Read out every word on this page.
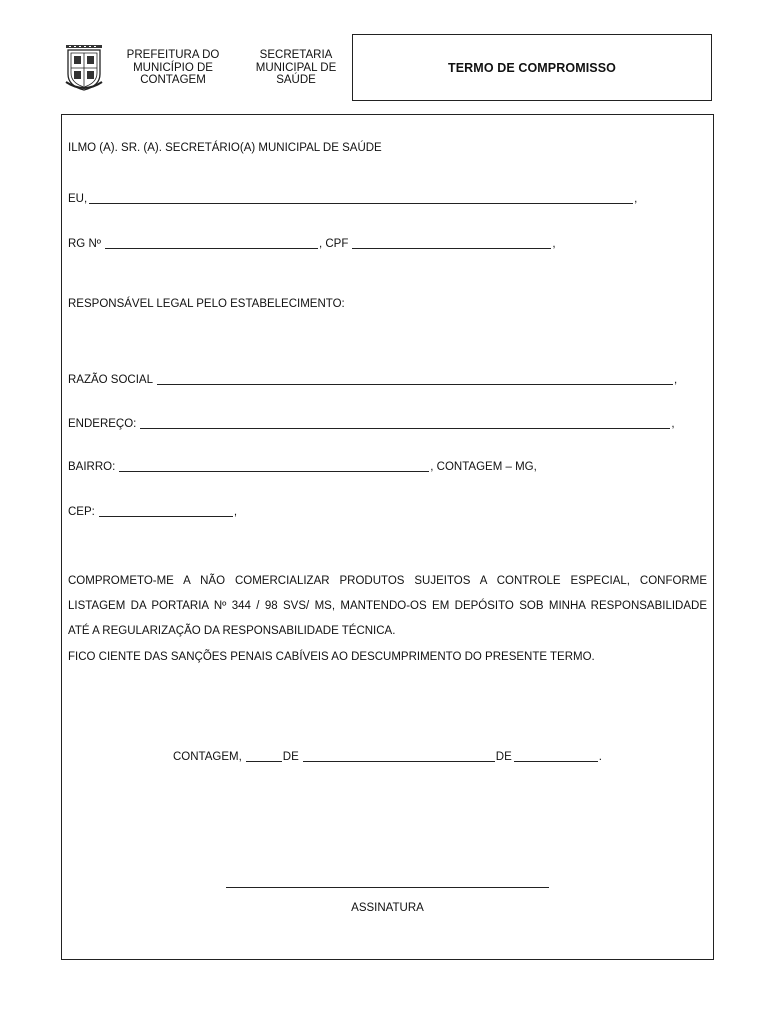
PREFEITURA DO
MUNICÍPIO DE
CONTAGEM
SECRETARIA
MUNICIPAL DE
SAÚDE
TERMO DE COMPROMISSO
ILMO (A). SR. (A). SECRETÁRIO(A) MUNICIPAL DE SAÚDE
EU,	,
RG Nº	, CPF	,
RESPONSÁVEL LEGAL PELO ESTABELECIMENTO:
RAZÃO SOCIAL	,
ENDEREÇO:	,
BAIRRO:	, CONTAGEM – MG,
CEP:	,
COMPROMETO-ME A NÃO COMERCIALIZAR PRODUTOS SUJEITOS A CONTROLE ESPECIAL, CONFORME
LISTAGEM DA PORTARIA Nº 344 / 98 SVS/ MS, MANTENDO-OS EM DEPÓSITO SOB MINHA RESPONSABILIDADE
ATÉ A REGULARIZAÇÃO DA RESPONSABILIDADE TÉCNICA.
FICO CIENTE DAS SANÇÕES PENAIS CABÍVEIS AO DESCUMPRIMENTO DO PRESENTE TERMO.
CONTAGEM,	DE	DE	.
ASSINATURA
